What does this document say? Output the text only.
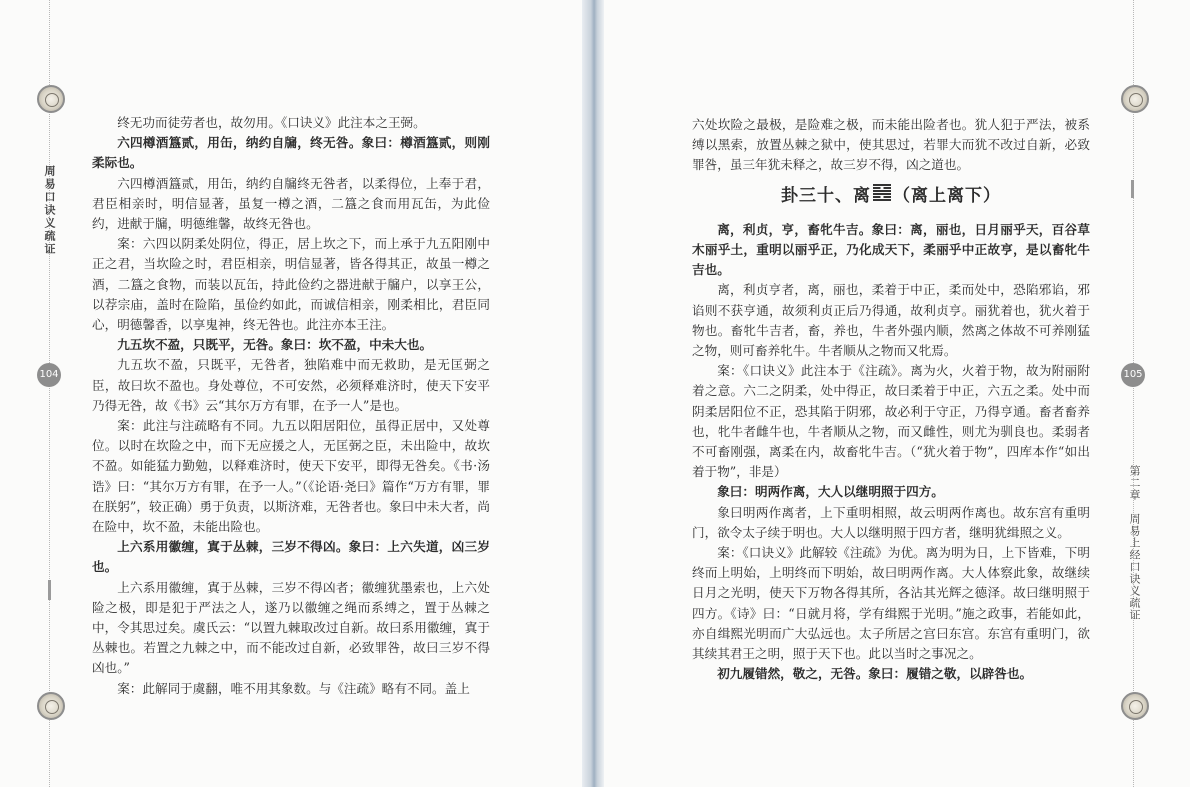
周易口诀义疏证
104

终无功而徒劳者也，故勿用。《口诀义》此注本之王弼。

六四樽酒簋贰，用缶，纳约自牖，终无咎。象曰：樽酒簋贰，则刚柔际也。

六四樽酒簋贰，用缶，纳约自牖终无咎者，以柔得位，上奉于君，君臣相亲时，明信显著，虽复一樽之酒，二簋之食而用瓦缶，为此俭约，进献于牖，明德维馨，故终无咎也。

案：六四以阴柔处阴位，得正，居上坎之下，而上承于九五阳刚中正之君，当坎险之时，君臣相亲，明信显著，皆各得其正，故虽一樽之酒，二簋之食物，而装以瓦缶，持此俭约之器进献于牖户，以享王公，以荐宗庙，盖时在险陷，虽俭约如此，而诚信相亲，刚柔相比，君臣同心，明德馨香，以享鬼神，终无咎也。此注亦本王注。

九五坎不盈，只既平，无咎。象曰：坎不盈，中未大也。

九五坎不盈，只既平，无咎者，独陷难中而无救助，是无匡弼之臣，故曰坎不盈也。身处尊位，不可安然，必须释难济时，使天下安平乃得无咎，故《书》云“其尔万方有罪，在予一人”是也。

案：此注与注疏略有不同。九五以阳居阳位，虽得正居中，又处尊位。以时在坎险之中，而下无应援之人，无匡弼之臣，未出险中，故坎不盈。如能猛力勤勉，以释难济时，使天下安平，即得无咎矣。《书·汤诰》曰：“其尔万方有罪，在予一人。”（《论语·尧曰》篇作“万方有罪，罪在朕躬”，较正确）勇于负责，以斯济难，无咎者也。象曰中未大者，尚在险中，坎不盈，未能出险也。

上六系用徽缠，寘于丛棘，三岁不得凶。象曰：上六失道，凶三岁也。

上六系用徽缠，寘于丛棘，三岁不得凶者；徽缠犹墨索也，上六处险之极，即是犯于严法之人，遂乃以徽缠之绳而系缚之，置于丛棘之中，令其思过矣。虞氏云：“以置九棘取改过自新。故曰系用徽缠，寘于丛棘也。若置之九棘之中，而不能改过自新，必致罪咎，故曰三岁不得凶也。”

案：此解同于虞翻，唯不用其象数。与《注疏》略有不同。盖上

六处坎险之最极，是险难之极，而未能出险者也。犹人犯于严法，被系缚以黑索，放置丛棘之狱中，使其思过，若罪大而犹不改过自新，必致罪咎，虽三年犹未释之，故三岁不得，凶之道也。

卦三十、离 （离上离下）

离，利贞，亨，畜牝牛吉。象曰：离，丽也，日月丽乎天，百谷草木丽乎土，重明以丽乎正，乃化成天下，柔丽乎中正故亨，是以畜牝牛吉也。

离，利贞亨者，离，丽也，柔着于中正，柔而处中，恐陷邪谄，邪谄则不获亨通，故须利贞正后乃得通，故利贞亨。丽犹着也，犹火着于物也。畜牝牛吉者，畜，养也，牛者外强内顺，然离之体故不可养刚猛之物，则可畜养牝牛。牛者顺从之物而又牝焉。

案：《口诀义》此注本于《注疏》。离为火，火着于物，故为附丽附着之意。六二之阴柔，处中得正，故曰柔着于中正，六五之柔。处中而阴柔居阳位不正，恐其陷于阴邪，故必利于守正，乃得亨通。畜者畜养也，牝牛者雌牛也，牛者顺从之物，而又雌性，则尤为驯良也。柔弱者不可畜刚强，离柔在内，故畜牝牛吉。（“犹火着于物”，四库本作“如出着于物”，非是）

象曰：明两作离，大人以继明照于四方。

象曰明两作离者，上下重明相照，故云明两作离也。故东宫有重明门，欲令太子续于明也。大人以继明照于四方者，继明犹缉照之义。

案：《口诀义》此解较《注疏》为优。离为明为日，上下皆难，下明终而上明始，上明终而下明始，故曰明两作离。大人体察此象，故继续日月之光明，使天下万物各得其所，各沾其光辉之德泽。故曰继明照于四方。《诗》曰：“日就月将，学有缉熙于光明。”施之政事，若能如此，亦自缉熙光明而广大弘远也。太子所居之宫曰东宫。东宫有重明门，欲其续其君王之明，照于天下也。此以当时之事况之。

初九履错然，敬之，无咎。象曰：履错之敬，以辟咎也。

105
第二章　周易上经口诀义疏证
